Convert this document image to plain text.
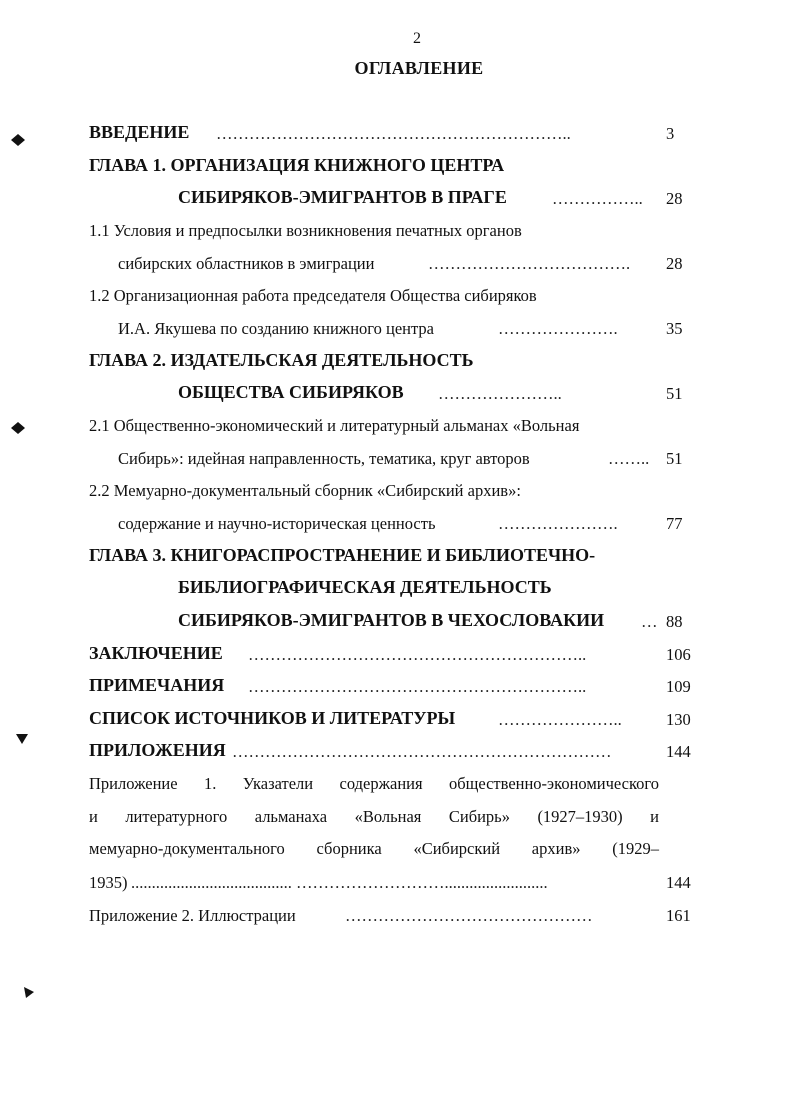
2
ОГЛАВЛЕНИЕ
ВВЕДЕНИЕ ………………………………………………………..	3
ГЛАВА 1. ОРГАНИЗАЦИЯ КНИЖНОГО ЦЕНТРА
СИБИРЯКОВ-ЭМИГРАНТОВ В ПРАГЕ	…………….. 28
1.1 Условия и предпосылки возникновения печатных органов
сибирских областников в эмиграции	………………………………. 28
1.2 Организационная работа председателя Общества сибиряков
И.А. Якушева по созданию книжного центра	………………….	35
ГЛАВА 2. ИЗДАТЕЛЬСКАЯ ДЕЯТЕЛЬНОСТЬ
ОБЩЕСТВА СИБИРЯКОВ …………………..	51
2.1 Общественно-экономический и литературный альманах «Вольная
Сибирь»: идейная направленность, тематика, круг авторов	…….. 51
2.2 Мемуарно-документальный сборник «Сибирский архив»:
содержание и научно-историческая ценность	………………….	77
ГЛАВА 3. КНИГОРАСПРОСТРАНЕНИЕ И БИБЛИОТЕЧНО-
БИБЛИОГРАФИЧЕСКАЯ ДЕЯТЕЛЬНОСТЬ
СИБИРЯКОВ-ЭМИГРАНТОВ В ЧЕХОСЛОВАКИИ … 88
ЗАКЛЮЧЕНИЕ ……………………………………………………..	106
ПРИМЕЧАНИЯ ……………………………………………………..	109
СПИСОК ИСТОЧНИКОВ И ЛИТЕРАТУРЫ	…………………..	130
ПРИЛОЖЕНИЯ ……………………………………………………………	144
Приложение 1. Указатели содержания общественно-экономического
и литературного альманаха «Вольная Сибирь» (1927–1930) и
мемуарно-документального сборника «Сибирский архив» (1929–
1935) ....................................... ……………………….........................	144
Приложение 2. Иллюстрации	………………………………………	161
